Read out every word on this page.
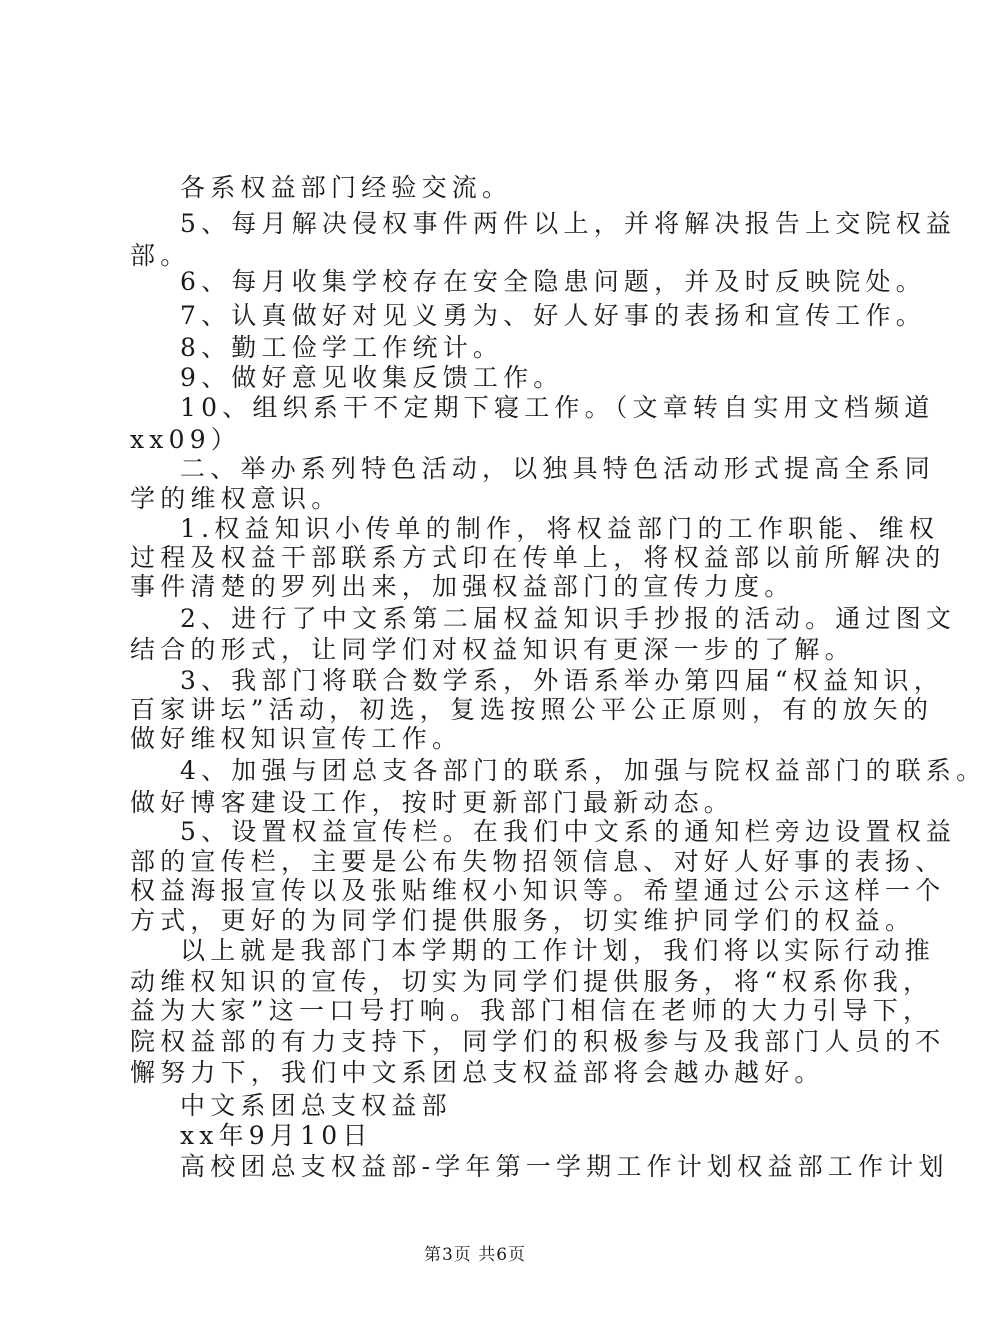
各系权益部门经验交流。
5、每月解决侵权事件两件以上，并将解决报告上交院权益
部。
6、每月收集学校存在安全隐患问题，并及时反映院处。
7、认真做好对见义勇为、好人好事的表扬和宣传工作。
8、勤工俭学工作统计。
9、做好意见收集反馈工作。
10、组织系干不定期下寝工作。（文章转自实用文档频道
xx09）
二、举办系列特色活动，以独具特色活动形式提高全系同
学的维权意识。
1.权益知识小传单的制作，将权益部门的工作职能、维权
过程及权益干部联系方式印在传单上，将权益部以前所解决的
事件清楚的罗列出来，加强权益部门的宣传力度。
2、进行了中文系第二届权益知识手抄报的活动。通过图文
结合的形式，让同学们对权益知识有更深一步的了解。
3、我部门将联合数学系，外语系举办第四届“权益知识，
百家讲坛”活动，初选，复选按照公平公正原则，有的放矢的
做好维权知识宣传工作。
4、加强与团总支各部门的联系，加强与院权益部门的联系。
做好博客建设工作，按时更新部门最新动态。
5、设置权益宣传栏。在我们中文系的通知栏旁边设置权益
部的宣传栏，主要是公布失物招领信息、对好人好事的表扬、
权益海报宣传以及张贴维权小知识等。希望通过公示这样一个
方式，更好的为同学们提供服务，切实维护同学们的权益。
以上就是我部门本学期的工作计划，我们将以实际行动推
动维权知识的宣传，切实为同学们提供服务，将“权系你我，
益为大家”这一口号打响。我部门相信在老师的大力引导下，
院权益部的有力支持下，同学们的积极参与及我部门人员的不
懈努力下，我们中文系团总支权益部将会越办越好。
中文系团总支权益部
xx年9月10日
高校团总支权益部-学年第一学期工作计划权益部工作计划
第3页 共6页
